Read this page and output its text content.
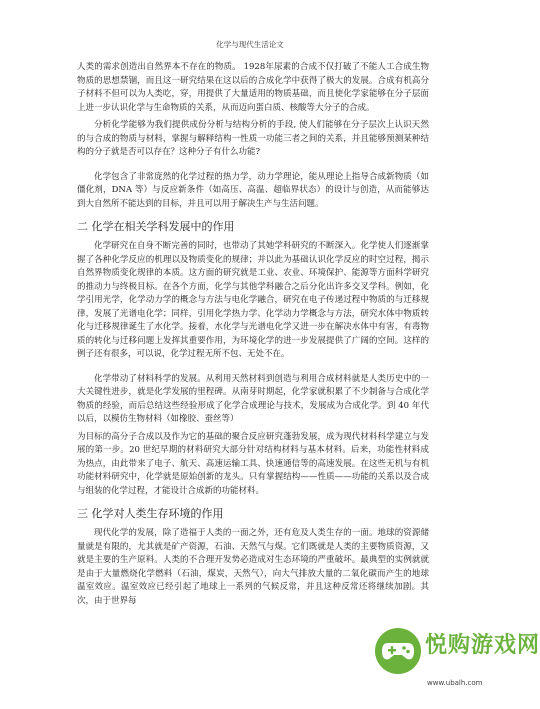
化学与现代生活论文

人类的需求创造出自然界本不存在的物质。 1928年尿素的合成不仅打破了不能人工合成生物物质的思想禁锢，而且这一研究结果在这以后的合成化学中获得了极大的发展。合成有机高分子材料不但可以为人类吃，穿，用提供了大量适用的物质基础，而且使化学家能够在分子层面上进一步认识化学与生命物质的关系，从而迈向蛋白质、核酸等大分子的合成。

分析化学能够为我们提供成份分析与结构分析的手段, 使人们能够在分子层次上认识天然的与合成的物质与材料，掌握与解释结构一性质一功能三者之间的关系，并且能够预测某种结构的分子就是否可以存在？这种分子有什么功能?

化学包含了非常庞然的化学过程的热力学，动力学理论，能从理论上指导合成新物质（如僵化剂，DNA 等）与反应新条件（如高压、高温、超临界状态）的设计与创造，从而能够达到大自然所不能达到的目标，并且可以用于解决生产与生活问题。

二 化学在相关学科发展中的作用

化学研究在自身不断完善的同时，也带动了其她学科研究的不断深入。化学使人们逐渐掌握了各种化学反应的机理以及物质变化的规律；并以此为基础认识化学反应的时空过程，揭示自然界物质变化规律的本质。这方面的研究就是工业、农业、环境保护、能源等方面科学研究的推动力与终极目标。在各个方面，化学与其他学科融合之后分化出许多交叉学科。例如，化学引用光学，化学动力学的概念与方法与电化学融合，研究在电子传递过程中物质的与迁移规律，发展了光谱电化学；同样，引用化学热力学、化学动力学概念与方法，研究水体中物质转化与迁移规律诞生了水化学。接着，水化学与光谱电化学又进一步在解决水体中有害，有毒物质的转化与迁移问题上发挥其重要作用，为环境化学的进一步发展提供了广阔的空间。这样的例子还有很多，可以说，化学过程无所不包、无处不在。

化学带动了材料科学的发展。从利用天然材料到创造与利用合成材料就是人类历史中的一大关键性进步，就是化学发展的里程碑。从南芽时期起，化学家就积累了不少制备与合成化学物质的经验，而后总结这些经验形成了化学合成理论与技术，发展成为合成化学。到 40 年代以后，以模仿生物材料（如橡胶、蚕丝等）

为目标的高分子合成以及作为它的基础的聚合反应研究蓬勃发展，成为现代材料科学建立与发展的第一步。20 世纪早期的材料研究大部分针对结构材料与基本材料。后来，功能性材料成为热点，由此带来了电子、航天、高速运输工具、快速通信等的高速发展。在这些无机与有机功能材料研究中，化学就是原始创新的龙头。只有掌握结构——性质——功能的关系以及合成与组装的化学过程，才能设计合成新的功能材料。

三 化学对人类生存环境的作用

现代化学的发展，除了造福于人类的一面之外，还有危及人类生存的一面。地球的资源储量就是有限的，尤其就是矿产资源，石油、天然气与煤。它们既就是人类的主要物质资源，又就是主要的生产原料。人类的不合理开发势必造成对生态环境的严重破坏。最典型的实例就就是由于大量燃烧化学燃料（石油，煤炭，天然气），向大气排放大量的二氧化碳而产生的地球温室效应。温室效应已经引起了地球上一系列的气候反常，并且这种反常还将继续加剧。其次，由于世界每

悦购游戏网
www.ubalh.com
